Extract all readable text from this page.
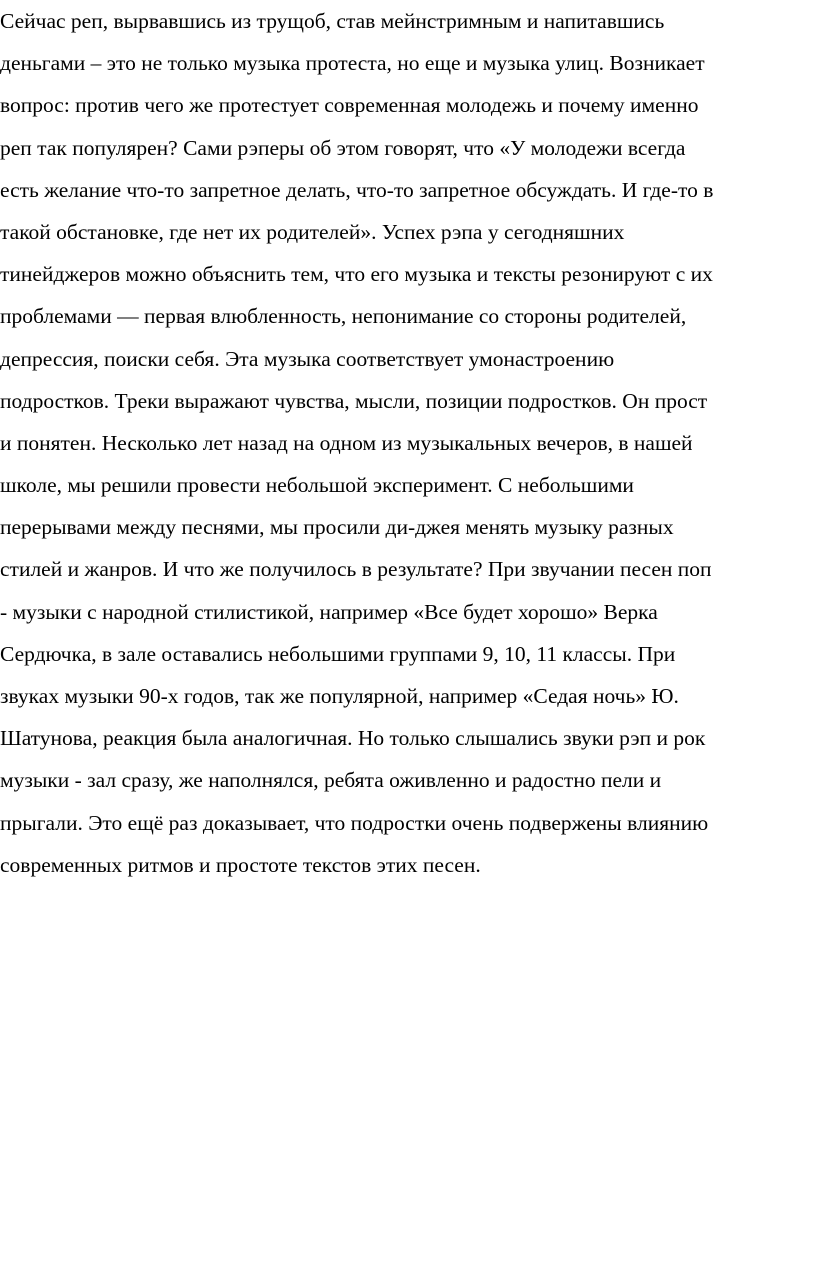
Сейчас реп, вырвавшись из трущоб, став мейнстримным и напитавшись
деньгами – это не только музыка протеста, но еще и музыка улиц. Возникает
вопрос: против чего же протестует современная молодежь и почему именно
реп так популярен? Сами рэперы об этом говорят, что «У молодежи всегда
есть желание что-то запретное делать, что-то запретное обсуждать. И где-то в
такой обстановке, где нет их родителей». Успех рэпа у сегодняшних
тинейджеров можно объяснить тем, что его музыка и тексты резонируют с их
проблемами — первая влюбленность, непонимание со стороны родителей,
депрессия, поиски себя. Эта музыка соответствует умонастроению
подростков. Треки выражают чувства, мысли, позиции подростков. Он прост
и понятен. Несколько лет назад на одном из музыкальных вечеров, в нашей
школе, мы решили провести небольшой эксперимент. С небольшими
перерывами между песнями, мы просили ди-джея менять музыку разных
стилей и жанров. И что же получилось в результате? При звучании песен поп
- музыки с народной стилистикой, например «Все будет хорошо» Верка
Сердючка, в зале оставались небольшими группами 9, 10, 11 классы. При
звуках музыки 90-х годов, так же популярной, например «Седая ночь» Ю.
Шатунова, реакция была аналогичная. Но только слышались звуки рэп и рок
музыки - зал сразу, же наполнялся, ребята оживленно и радостно пели и
прыгали. Это ещё раз доказывает, что подростки очень подвержены влиянию
современных ритмов и простоте текстов этих песен.
